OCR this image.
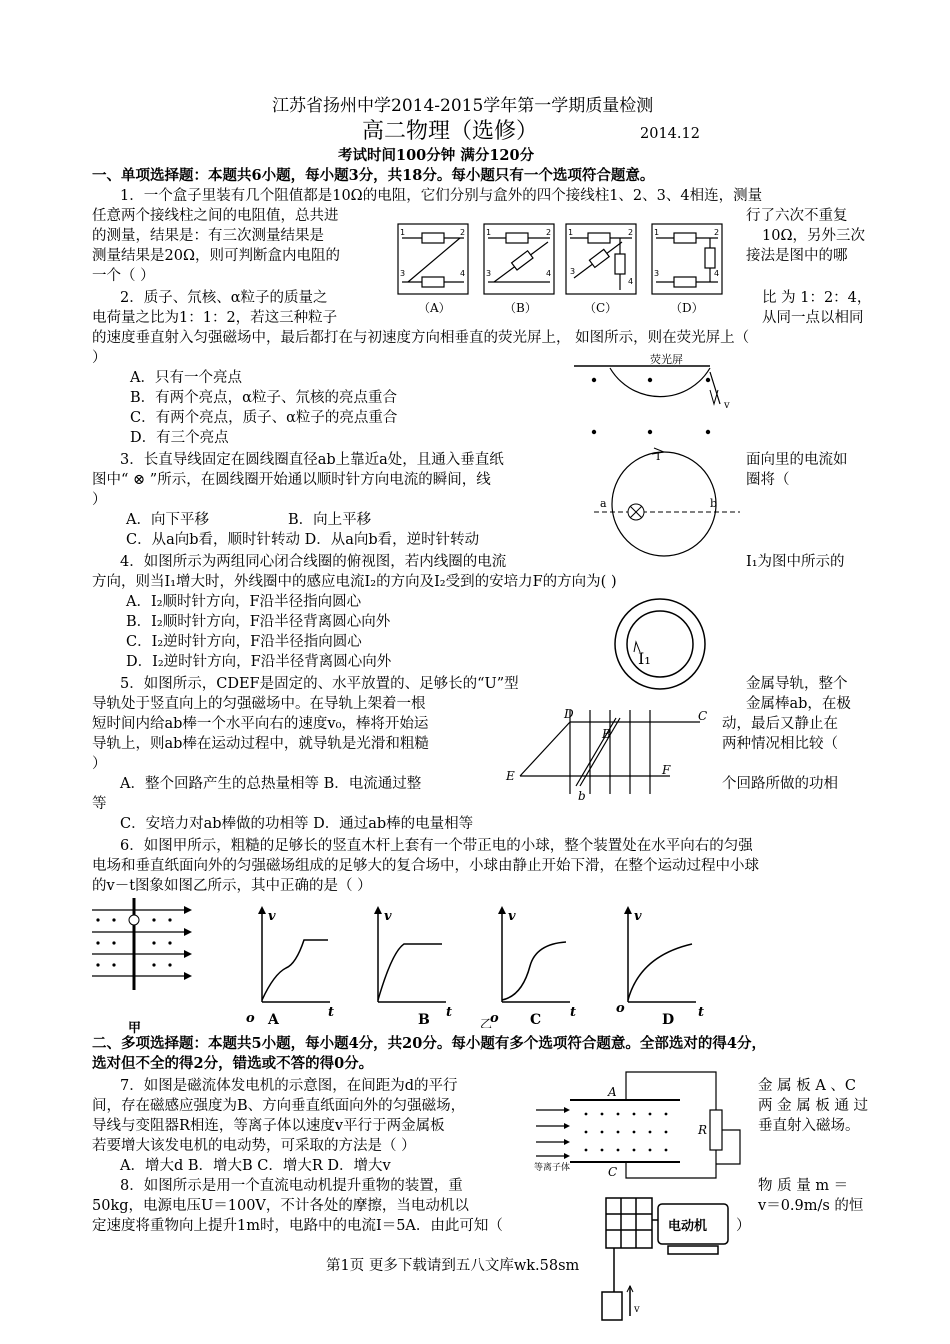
江苏省扬州中学2014-2015学年第一学期质量检测
高二物理（选修）	2014.12
考试时间100分钟 满分120分
一、单项选择题：本题共6小题，每小题3分，共18分。每小题只有一个选项符合题意。
1．一个盒子里装有几个阻值都是10Ω的电阻，它们分别与盒外的四个接线柱1、2、3、4相连，测量
任意两个接线柱之间的电阻值，总共进	行了六次不重复
的测量，结果是：有三次测量结果是	10Ω，另外三次
测量结果是20Ω，则可判断盒内电阻的	接法是图中的哪
一个（ ）
1	2
3	4
1	2
3	4
1	2
3
4
1	2
3	4
（A）	（B）	（C）	（D）
2．质子、氘核、α粒子的质量之	比 为 1：2：4，
电荷量之比为1：1：2，若这三种粒子	从同一点以相同
的速度垂直射入匀强磁场中，最后都打在与初速度方向相垂直的荧光屏上， 如图所示，则在荧光屏上（
）
A．只有一个亮点
B．有两个亮点，α粒子、氘核的亮点重合
C．有两个亮点，质子、α粒子的亮点重合
D．有三个亮点
荧光屏
v
3．长直导线固定在圆线圈直径ab上靠近a处，且通入垂直纸	面向里的电流如
图中“ ⊗ ”所示，在圆线圈开始通以顺时针方向电流的瞬间，线	圈将（
）
A．向下平移	B．向上平移
C．从a向b看，顺时针转动 D．从a向b看，逆时针转动
I
a	b
4．如图所示为两组同心闭合线圈的俯视图，若内线圈的电流	I₁为图中所示的
方向，则当I₁增大时，外线圈中的感应电流I₂的方向及I₂受到的安培力F的方向为( )
A．I₂顺时针方向，F沿半径指向圆心
B．I₂顺时针方向，F沿半径背离圆心向外
C．I₂逆时针方向，F沿半径指向圆心
D．I₂逆时针方向，F沿半径背离圆心向外	I₁
5．如图所示，CDEF是固定的、水平放置的、足够长的“U”型	金属导轨，整个
导轨处于竖直向上的匀强磁场中。在导轨上架着一根	金属棒ab，在极
短时间内给ab棒一个水平向右的速度v₀，棒将开始运	动，最后又静止在
导轨上，则ab棒在运动过程中，就导轨是光滑和粗糙	两种情况相比较（
）
A．整个回路产生的总热量相等 B．电流通过整	个回路所做的功相
等
C．安培力对ab棒做的功相等 D．通过ab棒的电量相等
D	C
B
E	F
b
6．如图甲所示，粗糙的足够长的竖直木杆上套有一个带正电的小球，整个装置处在水平向右的匀强
电场和垂直纸面向外的匀强磁场组成的足够大的复合场中，小球由静止开始下滑，在整个运动过程中小球
的v－t图象如图乙所示，其中正确的是（ ）
甲
v
t
o
v
t
v
t
o
v
t
o
A	B	C	D
乙
二、多项选择题：本题共5小题，每小题4分，共20分。每小题有多个选项符合题意。全部选对的得4分，
选对但不全的得2分，错选或不答的得0分。
7．如图是磁流体发电机的示意图，在间距为d的平行	金 属 板 A 、C
间，存在磁感应强度为B、方向垂直纸面向外的匀强磁场，	两 金 属 板 通 过
导线与变阻器R相连，等离子体以速度v平行于两金属板	垂直射入磁场。
若要增大该发电机的电动势，可采取的方法是（ ）
A．增大d B．增大B C．增大R D．增大v
A
C
R
等离子体
8．如图所示是用一个直流电动机提升重物的装置，重	物 质 量 m ＝
50kg，电源电压U＝100V，不计各处的摩擦，当电动机以	v＝0.9m/s 的恒
定速度将重物向上提升1m时，电路中的电流I＝5A．由此可知（	）
电动机
v
第1页 更多下载请到五八文库wk.58sm
